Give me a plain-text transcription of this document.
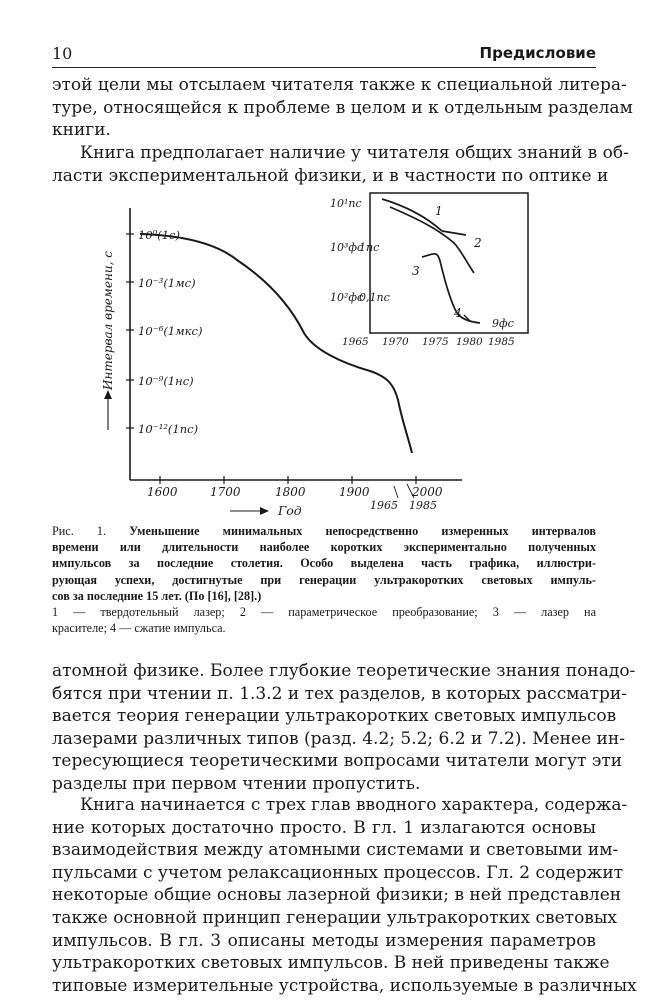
10	Предисловие
этой цели мы отсылаем читателя также к специальной литера-
туре, относящейся к проблеме в целом и к отдельным разделам
книги.
Книга предполагает наличие у читателя общих знаний в об-
ласти экспериментальной физики, и в частности по оптике и
10⁰(1с)
10⁻³(1мс)
10⁻⁶(1мкс)
10⁻⁹(1нс)
10⁻¹²(1пс)
Интервал времени, с
1600	1700	1800	1900	2000
1965 1985
Год
10¹пс
10³фс
10²фс
1пс
0,1пс
1965 1970 1975 1980 1985
1
2
3
4
9фс
Рис. 1. Уменьшение минимальных непосредственно измеренных интервалов
времени или длительности наиболее коротких экспериментально полученных
импульсов за последние столетия. Особо выделена часть графика, иллюстри-
рующая успехи, достигнутые при генерации ультракоротких световых импуль-
сов за последние 15 лет. (По [16], [28].)
1 — твердотельный лазер; 2 — параметрическое преобразование; 3 — лазер на
красителе; 4 — сжатие импульса.
атомной физике. Более глубокие теоретические знания понадо-
бятся при чтении п. 1.3.2 и тех разделов, в которых рассматри-
вается теория генерации ультракоротких световых импульсов
лазерами различных типов (разд. 4.2; 5.2; 6.2 и 7.2). Менее ин-
тересующиеся теоретическими вопросами читатели могут эти
разделы при первом чтении пропустить.
Книга начинается с трех глав вводного характера, содержа-
ние которых достаточно просто. В гл. 1 излагаются основы
взаимодействия между атомными системами и световыми им-
пульсами с учетом релаксационных процессов. Гл. 2 содержит
некоторые общие основы лазерной физики; в ней представлен
также основной принцип генерации ультракоротких световых
импульсов. В гл. 3 описаны методы измерения параметров
ультракоротких световых импульсов. В ней приведены также
типовые измерительные устройства, используемые в различных
